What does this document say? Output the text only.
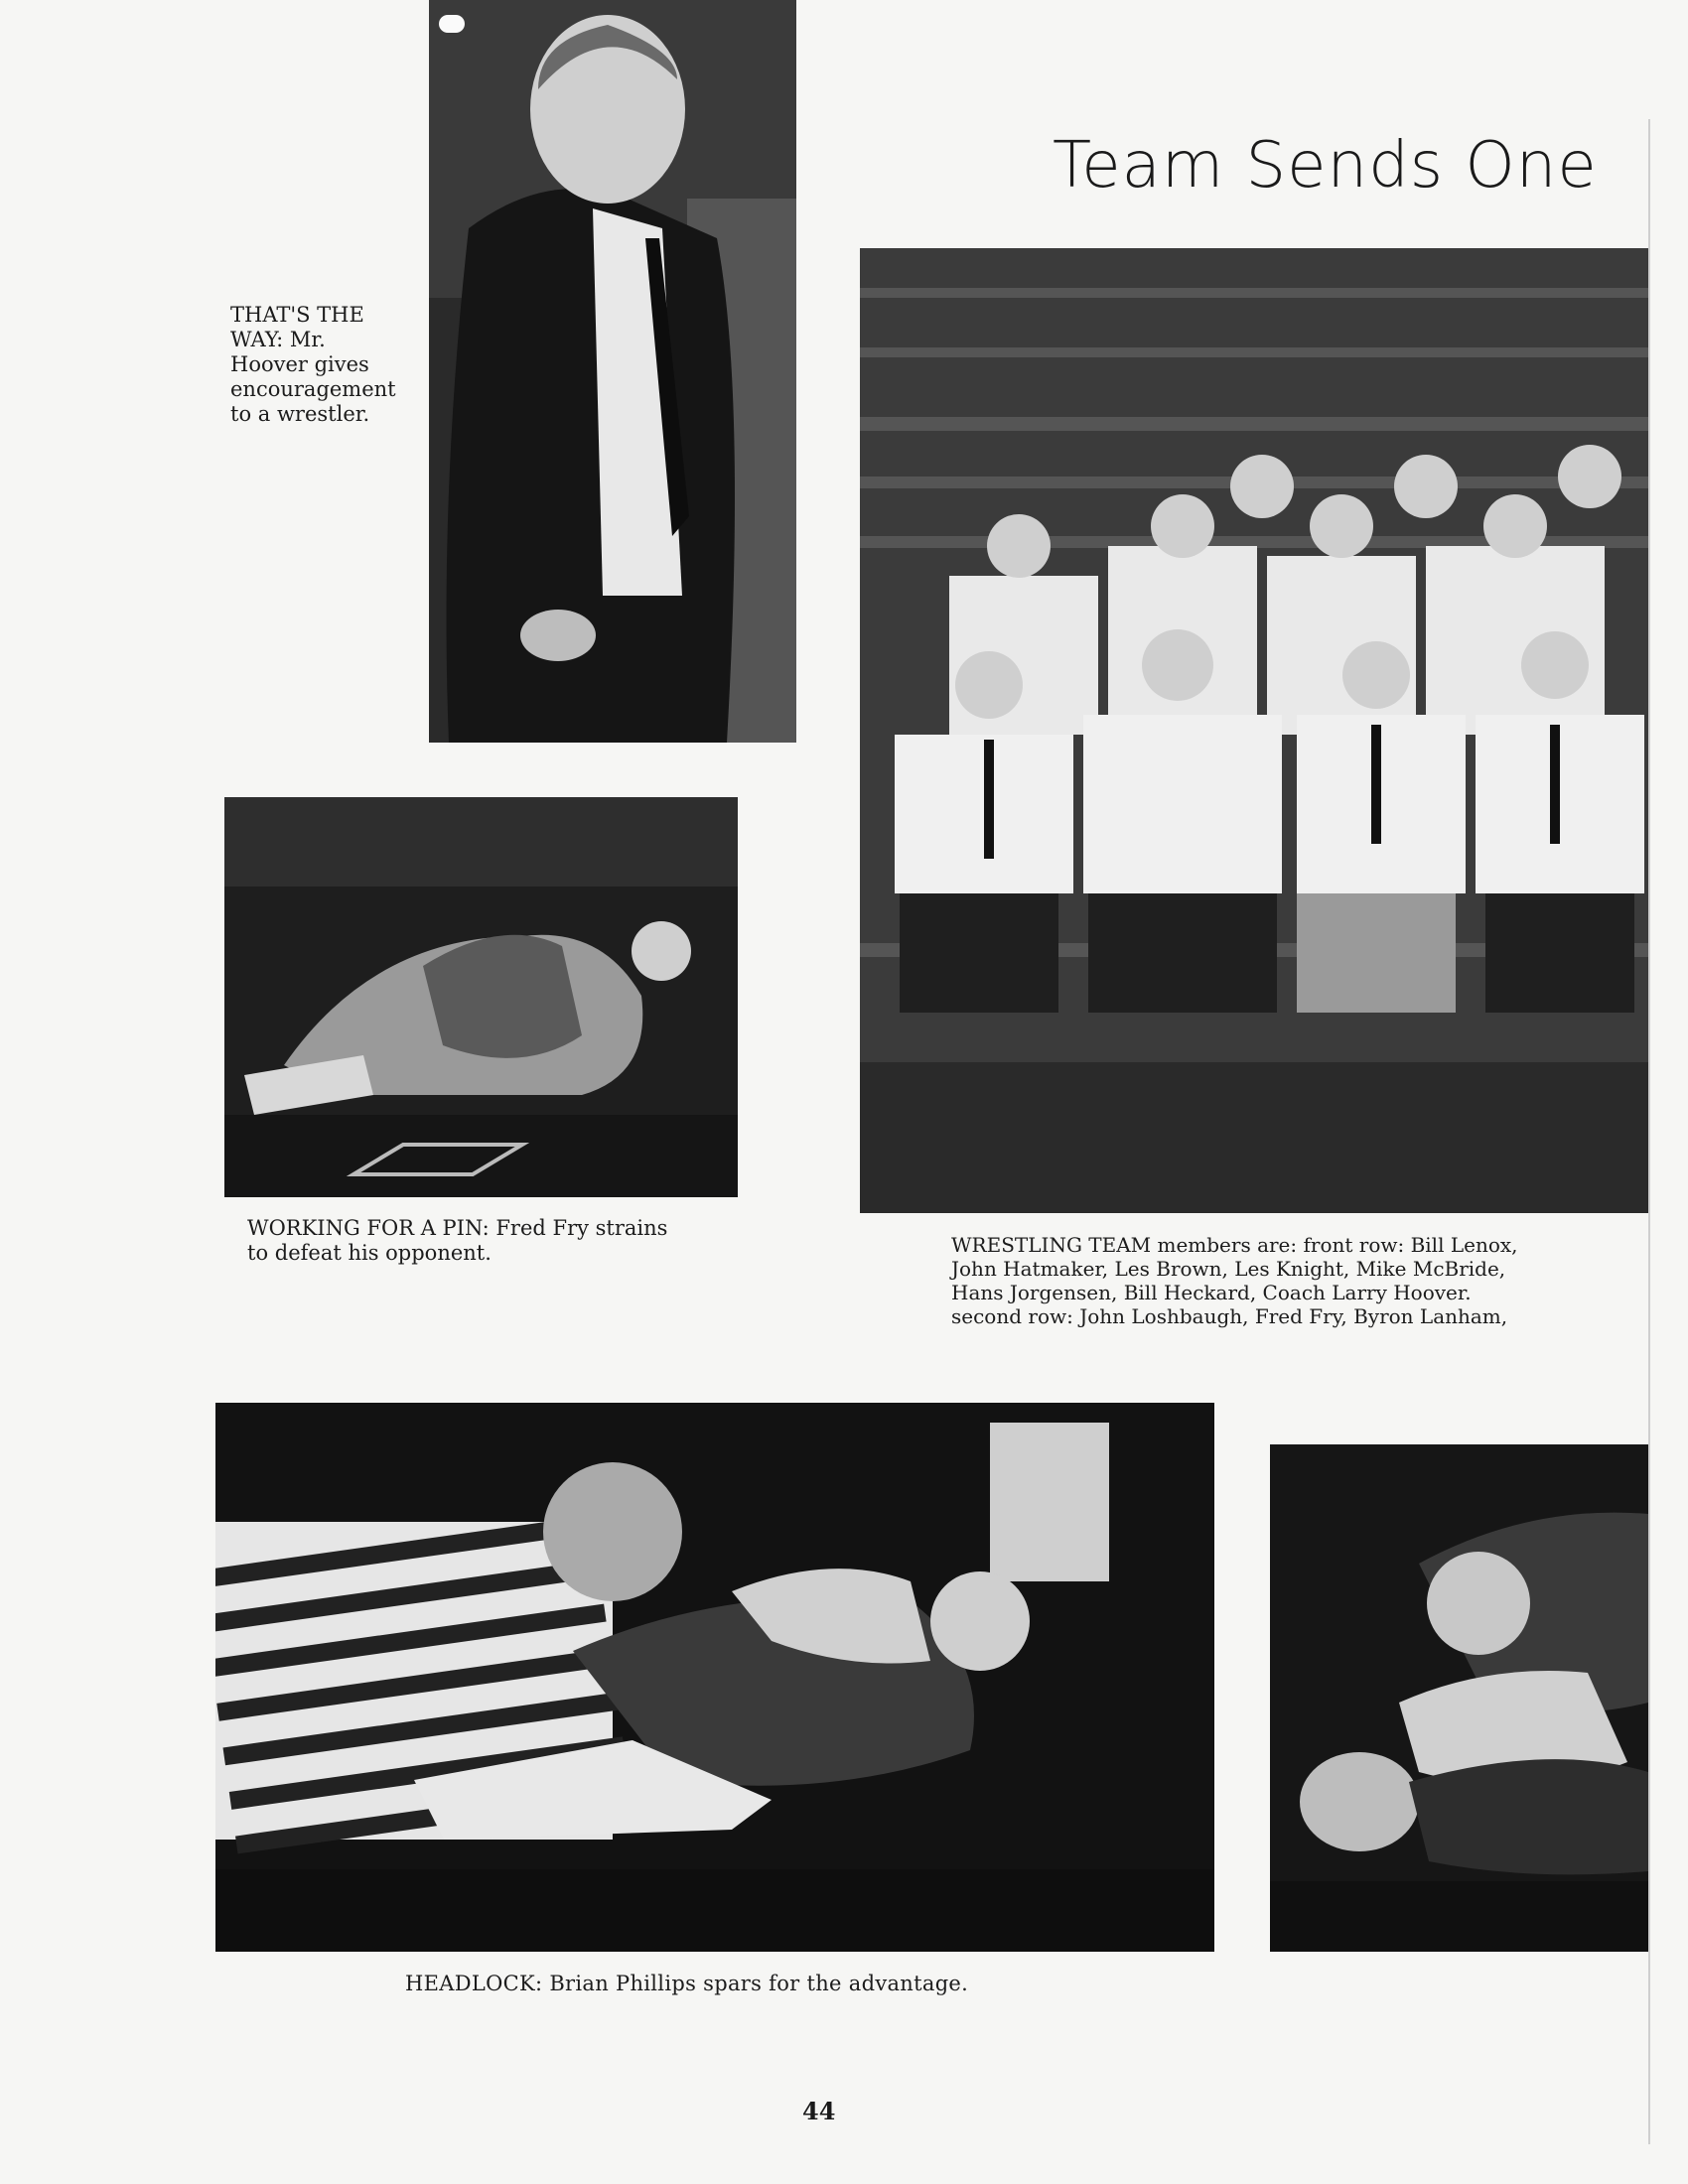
THAT'S THE
WAY: Mr.
Hoover gives
encouragement
to a wrestler.
Team Sends One
WORKING FOR A PIN: Fred Fry strains
to defeat his opponent.	WRESTLING TEAM members are: front row: Bill Lenox,
John Hatmaker, Les Brown, Les Knight, Mike McBride,
Hans Jorgensen, Bill Heckard, Coach Larry Hoover.
second row: John Loshbaugh, Fred Fry, Byron Lanham,
HEADLOCK: Brian Phillips spars for the advantage.
44
